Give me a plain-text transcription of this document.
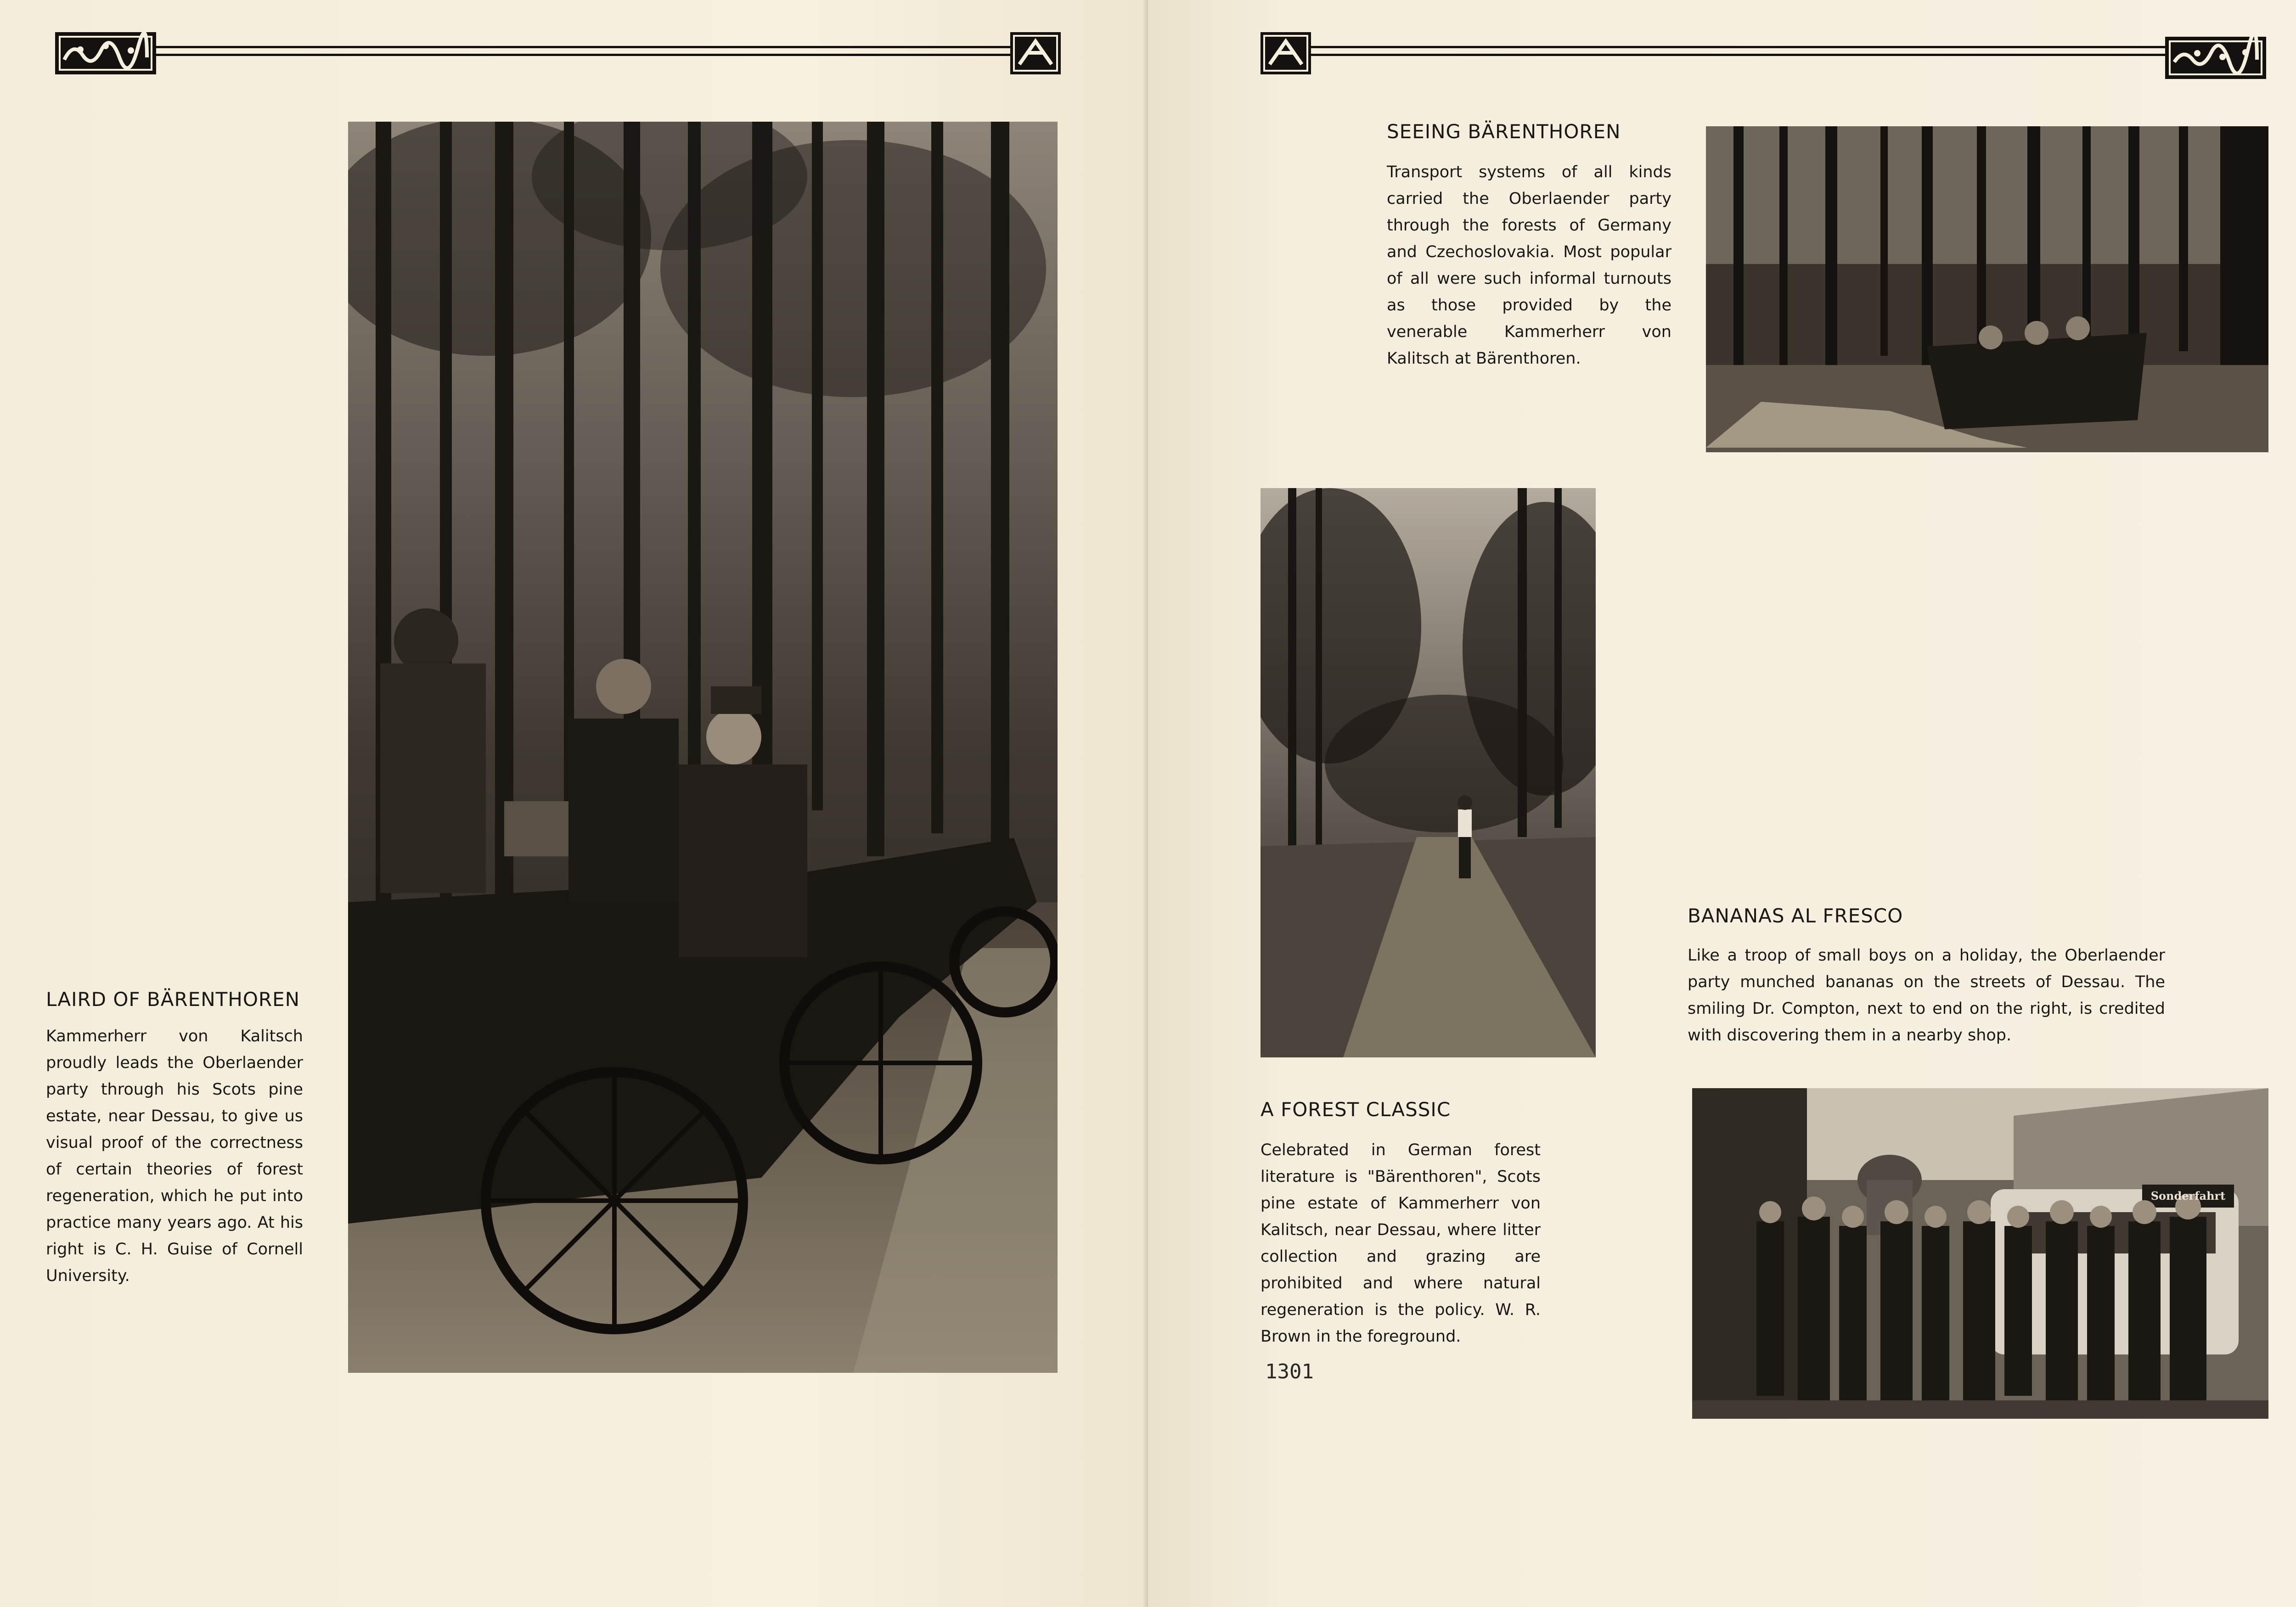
LAIRD OF BÄRENTHOREN
Kammerherr von Kalitsch proudly leads the Oberlaender party through his Scots pine estate, near Dessau, to give us visual proof of the correctness of certain theories of forest regeneration, which he put into practice many years ago. At his right is C. H. Guise of Cornell University.
SEEING BÄRENTHOREN
Transport systems of all kinds carried the Oberlaender party through the forests of Germany and Czechoslovakia. Most popular of all were such informal turnouts as those provided by the venerable Kammerherr von Kalitsch at Bärenthoren.
A FOREST CLASSIC
Celebrated in German forest literature is "Bärenthoren", Scots pine estate of Kammerherr von Kalitsch, near Dessau, where litter collection and grazing are prohibited and where natural regeneration is the policy. W. R. Brown in the foreground.
1301
BANANAS AL FRESCO
Like a troop of small boys on a holiday, the Oberlaender party munched bananas on the streets of Dessau. The smiling Dr. Compton, next to end on the right, is credited with discovering them in a nearby shop.
Sonderfahrt
